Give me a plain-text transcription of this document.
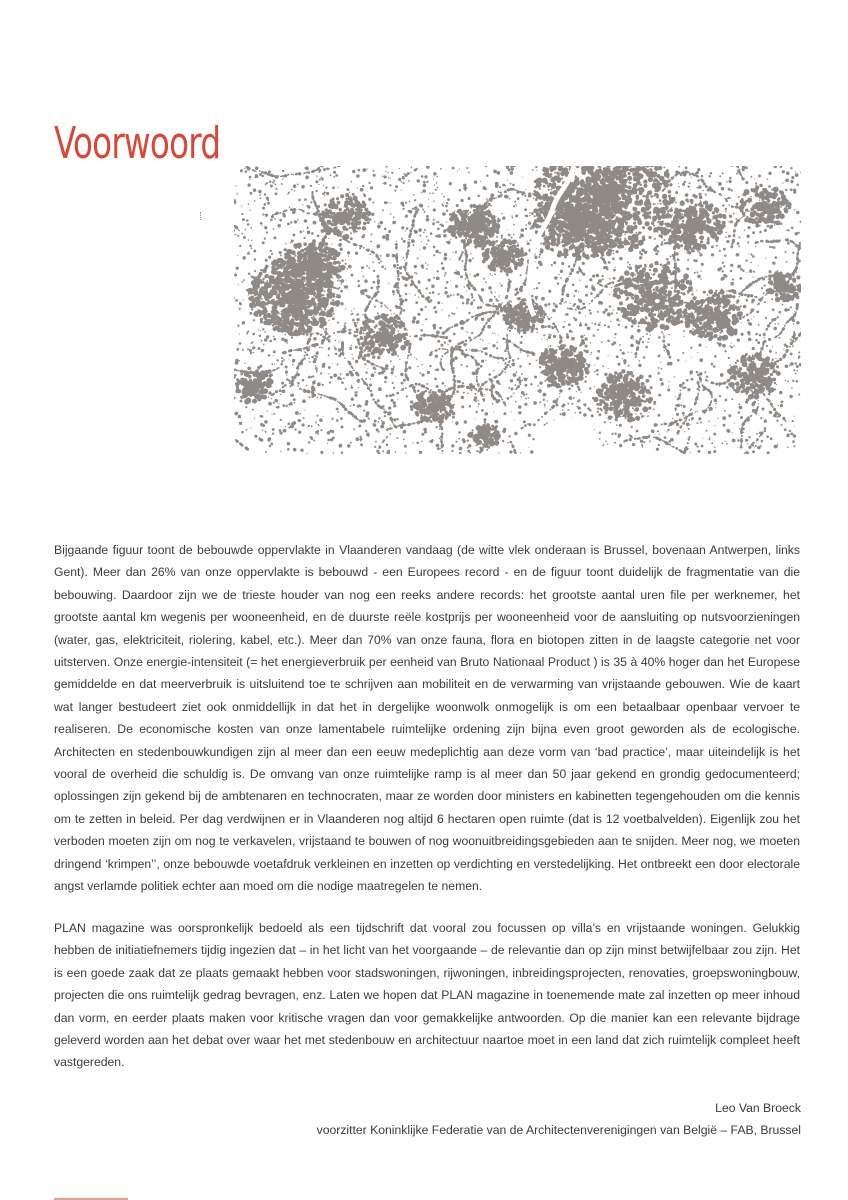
Voorwoord

Bijgaande figuur toont de bebouwde oppervlakte in Vlaanderen vandaag (de witte vlek onderaan is Brussel, bovenaan Antwerpen, links Gent). Meer dan 26% van onze oppervlakte is bebouwd - een Europees record - en de figuur toont duidelijk de fragmentatie van die bebouwing. Daardoor zijn we de trieste houder van nog een reeks andere records: het grootste aantal uren file per werknemer, het grootste aantal km wegenis per wooneenheid, en de duurste reële kostprijs per wooneenheid voor de aansluiting op nutsvoorzieningen (water, gas, elektriciteit, riolering, kabel, etc.). Meer dan 70% van onze fauna, flora en biotopen zitten in de laagste categorie net voor uitsterven. Onze energie-intensiteit (= het energieverbruik per eenheid van Bruto Nationaal Product ) is 35 à 40% hoger dan het Europese gemiddelde en dat meerverbruik is uitsluitend toe te schrijven aan mobiliteit en de verwarming van vrijstaande gebouwen. Wie de kaart wat langer bestudeert ziet ook onmiddellijk in dat het in dergelijke woonwolk onmogelijk is om een betaalbaar openbaar vervoer te realiseren. De economische kosten van onze lamentabele ruimtelijke ordening zijn bijna even groot geworden als de ecologische. Architecten en stedenbouwkundigen zijn al meer dan een eeuw medeplichtig aan deze vorm van ‘bad practice’, maar uiteindelijk is het vooral de overheid die schuldig is. De omvang van onze ruimtelijke ramp is al meer dan 50 jaar gekend en grondig gedocumenteerd; oplossingen zijn gekend bij de ambtenaren en technocraten, maar ze worden door ministers en kabinetten tegengehouden om die kennis om te zetten in beleid. Per dag verdwijnen er in Vlaanderen nog altijd 6 hectaren open ruimte (dat is 12 voetbalvelden). Eigenlijk zou het verboden moeten zijn om nog te verkavelen, vrijstaand te bouwen of nog woonuitbreidingsgebieden aan te snijden. Meer nog, we moeten dringend ‘krimpen’’, onze bebouwde voetafdruk verkleinen en inzetten op verdichting en verstedelijking. Het ontbreekt een door electorale angst verlamde politiek echter aan moed om die nodige maatregelen te nemen.

PLAN magazine was oorspronkelijk bedoeld als een tijdschrift dat vooral zou focussen op villa’s en vrijstaande woningen. Gelukkig hebben de initiatiefnemers tijdig ingezien dat – in het licht van het voorgaande – de relevantie dan op zijn minst betwijfelbaar zou zijn. Het is een goede zaak dat ze plaats gemaakt hebben voor stadswoningen, rijwoningen, inbreidingsprojecten, renovaties, groepswoningbouw, projecten die ons ruimtelijk gedrag bevragen, enz. Laten we hopen dat PLAN magazine in toenemende mate zal inzetten op meer inhoud dan vorm, en eerder plaats maken voor kritische vragen dan voor gemakkelijke antwoorden. Op die manier kan een relevante bijdrage geleverd worden aan het debat over waar het met stedenbouw en architectuur naartoe moet in een land dat zich ruimtelijk compleet heeft vastgereden.

Leo Van Broeck
voorzitter Koninklijke Federatie van de Architectenverenigingen van België – FAB, Brussel
